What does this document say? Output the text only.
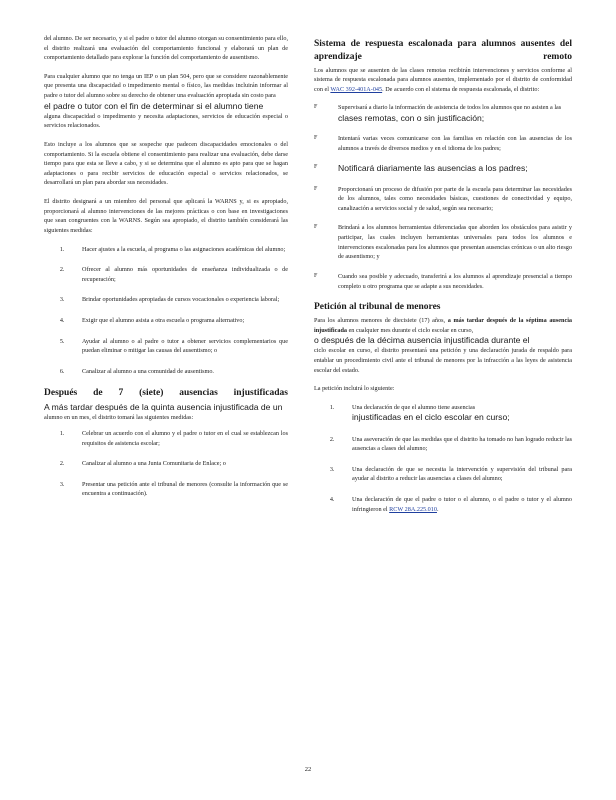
del alumno. De ser necesario, y si el padre o tutor del alumno otorgan su consentimiento para ello, el distrito realizará una evaluación del comportamiento funcional y elaborará un plan de comportamiento detallado para explorar la función del comportamiento de ausentismo.

Para cualquier alumno que no tenga un IEP o un plan 504, pero que se considere razonablemente que presenta una discapacidad o impedimento mental o físico, las medidas incluirán informar al padre o tutor del alumno sobre su derecho de obtener una evaluación apropiada sin costo para
el padre o tutor con el fin de determinar si el alumno tiene
alguna discapacidad o impedimento y necesita adaptaciones, servicios de educación especial o servicios relacionados.

Esto incluye a los alumnos que se sospeche que padecen discapacidades emocionales o del comportamiento. Si la escuela obtiene el consentimiento para realizar una evaluación, debe darse tiempo para que esta se lleve a cabo, y si se determina que el alumno es apto para que se hagan adaptaciones o para recibir servicios de educación especial o servicios relacionados, se desarrollará un plan para abordar sus necesidades.

El distrito designará a un miembro del personal que aplicará la WARNS y, si es apropiado, proporcionará al alumno intervenciones de las mejores prácticas o con base en investigaciones que sean congruentes con la WARNS. Según sea apropiado, el distrito también considerará las siguientes medidas:

1. Hacer ajustes a la escuela, al programa o las asignaciones académicas del alumno;
2. Ofrecer al alumno más oportunidades de enseñanza individualizada o de recuperación;
3. Brindar oportunidades apropiadas de cursos vocacionales o experiencia laboral;
4. Exigir que el alumno asista a otra escuela o programa alternativo;
5. Ayudar al alumno o al padre o tutor a obtener servicios complementarios que puedan eliminar o mitigar las causas del ausentismo; o
6. Canalizar al alumno a una comunidad de ausentismo.
Después de 7 (siete) ausencias injustificadas

A más tardar después de la quinta ausencia injustificada de un
alumno en un mes, el distrito tomará las siguientes medidas:

1. Celebrar un acuerdo con el alumno y el padre o tutor en el cual se establezcan los requisitos de asistencia escolar;
2. Canalizar al alumno a una Junta Comunitaria de Enlace; o
3. Presentar una petición ante el tribunal de menores (consulte la información que se encuentra a continuación).
Sistema de respuesta escalonada para alumnos ausentes del aprendizaje remoto

Los alumnos que se ausenten de las clases remotas recibirán intervenciones y servicios conforme al sistema de respuesta escalonada para alumnos ausentes, implementado por el distrito de conformidad con el WAC 392-401A-045. De acuerdo con el sistema de respuesta escalonada, el distrito:

F	Supervisará a diario la información de asistencia de todos los alumnos que no asisten a las
clases remotas, con o sin justificación;
F	Intentará varias veces comunicarse con las familias en relación con las ausencias de los alumnos a través de diversos medios y en el idioma de los padres;
F Notificará diariamente las ausencias a los padres;
F	Proporcionará un proceso de difusión por parte de la escuela para determinar las necesidades de los alumnos, tales como necesidades básicas, cuestiones de conectividad y equipo, canalización a servicios social y de salud, según sea necesario;
F	Brindará a los alumnos herramientas diferenciadas que aborden los obstáculos para asistir y participar, las cuales incluyen herramientas universales para todos los alumnos e intervenciones escalonadas para los alumnos que presentan ausencias crónicas o un alto riesgo de ausentismo; y
F	Cuando sea posible y adecuado, transferirá a los alumnos al aprendizaje presencial a tiempo completo u otro programa que se adapte a sus necesidades.
Petición al tribunal de menores

Para los alumnos menores de diecisiete (17) años, a más tardar después de la séptima ausencia injustificada en cualquier mes durante el ciclo escolar en curso,
o después de la décima ausencia injustificada durante el
ciclo escolar en curso, el distrito presentará una petición y una declaración jurada de respaldo para entablar un procedimiento civil ante el tribunal de menores por la infracción a las leyes de asistencia escolar del estado.

La petición incluirá lo siguiente:

1. Una declaración de que el alumno tiene ausencias
injustificadas en el ciclo escolar en curso;
2. Una aseveración de que las medidas que el distrito ha tomado no han logrado reducir las ausencias a clases del alumno;
3. Una declaración de que se necesita la intervención y supervisión del tribunal para ayudar al distrito a reducir las ausencias a clases del alumno;
4. Una declaración de que el padre o tutor o el alumno, o el padre o tutor y el alumno infringieron el RCW 28A.225.010.
22
